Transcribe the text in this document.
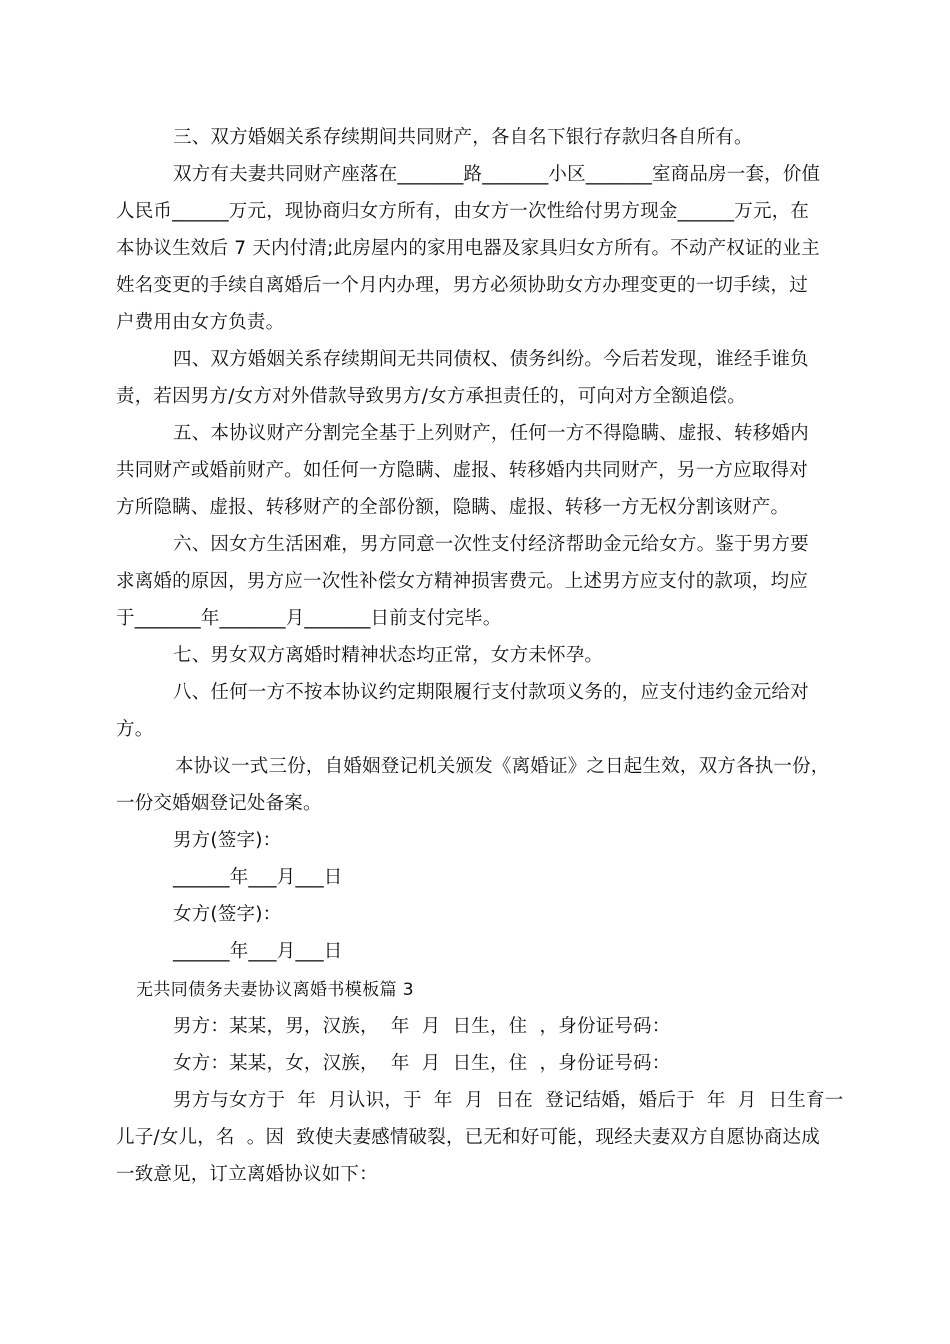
三、双方婚姻关系存续期间共同财产，各自名下银行存款归各自所有。
双方有夫妻共同财产座落在_______路_______小区_______室商品房一套，价值
人民币______万元，现协商归女方所有，由女方一次性给付男方现金______万元，在
本协议生效后 7 天内付清;此房屋内的家用电器及家具归女方所有。不动产权证的业主
姓名变更的手续自离婚后一个月内办理，男方必须协助女方办理变更的一切手续，过
户费用由女方负责。
四、双方婚姻关系存续期间无共同债权、债务纠纷。今后若发现，谁经手谁负
责，若因男方/女方对外借款导致男方/女方承担责任的，可向对方全额追偿。
五、本协议财产分割完全基于上列财产，任何一方不得隐瞒、虚报、转移婚内
共同财产或婚前财产。如任何一方隐瞒、虚报、转移婚内共同财产，另一方应取得对
方所隐瞒、虚报、转移财产的全部份额，隐瞒、虚报、转移一方无权分割该财产。
六、因女方生活困难，男方同意一次性支付经济帮助金元给女方。鉴于男方要
求离婚的原因，男方应一次性补偿女方精神损害费元。上述男方应支付的款项，均应
于_______年_______月_______日前支付完毕。
七、男女双方离婚时精神状态均正常，女方未怀孕。
八、任何一方不按本协议约定期限履行支付款项义务的，应支付违约金元给对
方。
本协议一式三份，自婚姻登记机关颁发《离婚证》之日起生效，双方各执一份，
一份交婚姻登记处备案。
男方(签字)：
______年___月___日
女方(签字)：
______年___月___日
无共同债务夫妻协议离婚书模板篇 3
男方：某某，男，汉族，  年  月  日生，住  ，身份证号码：
女方：某某，女，汉族，  年  月  日生，住  ，身份证号码：
男方与女方于  年  月认识，于  年  月  日在  登记结婚，婚后于  年  月  日生育一
儿子/女儿，名  。因  致使夫妻感情破裂，已无和好可能，现经夫妻双方自愿协商达成
一致意见，订立离婚协议如下：
